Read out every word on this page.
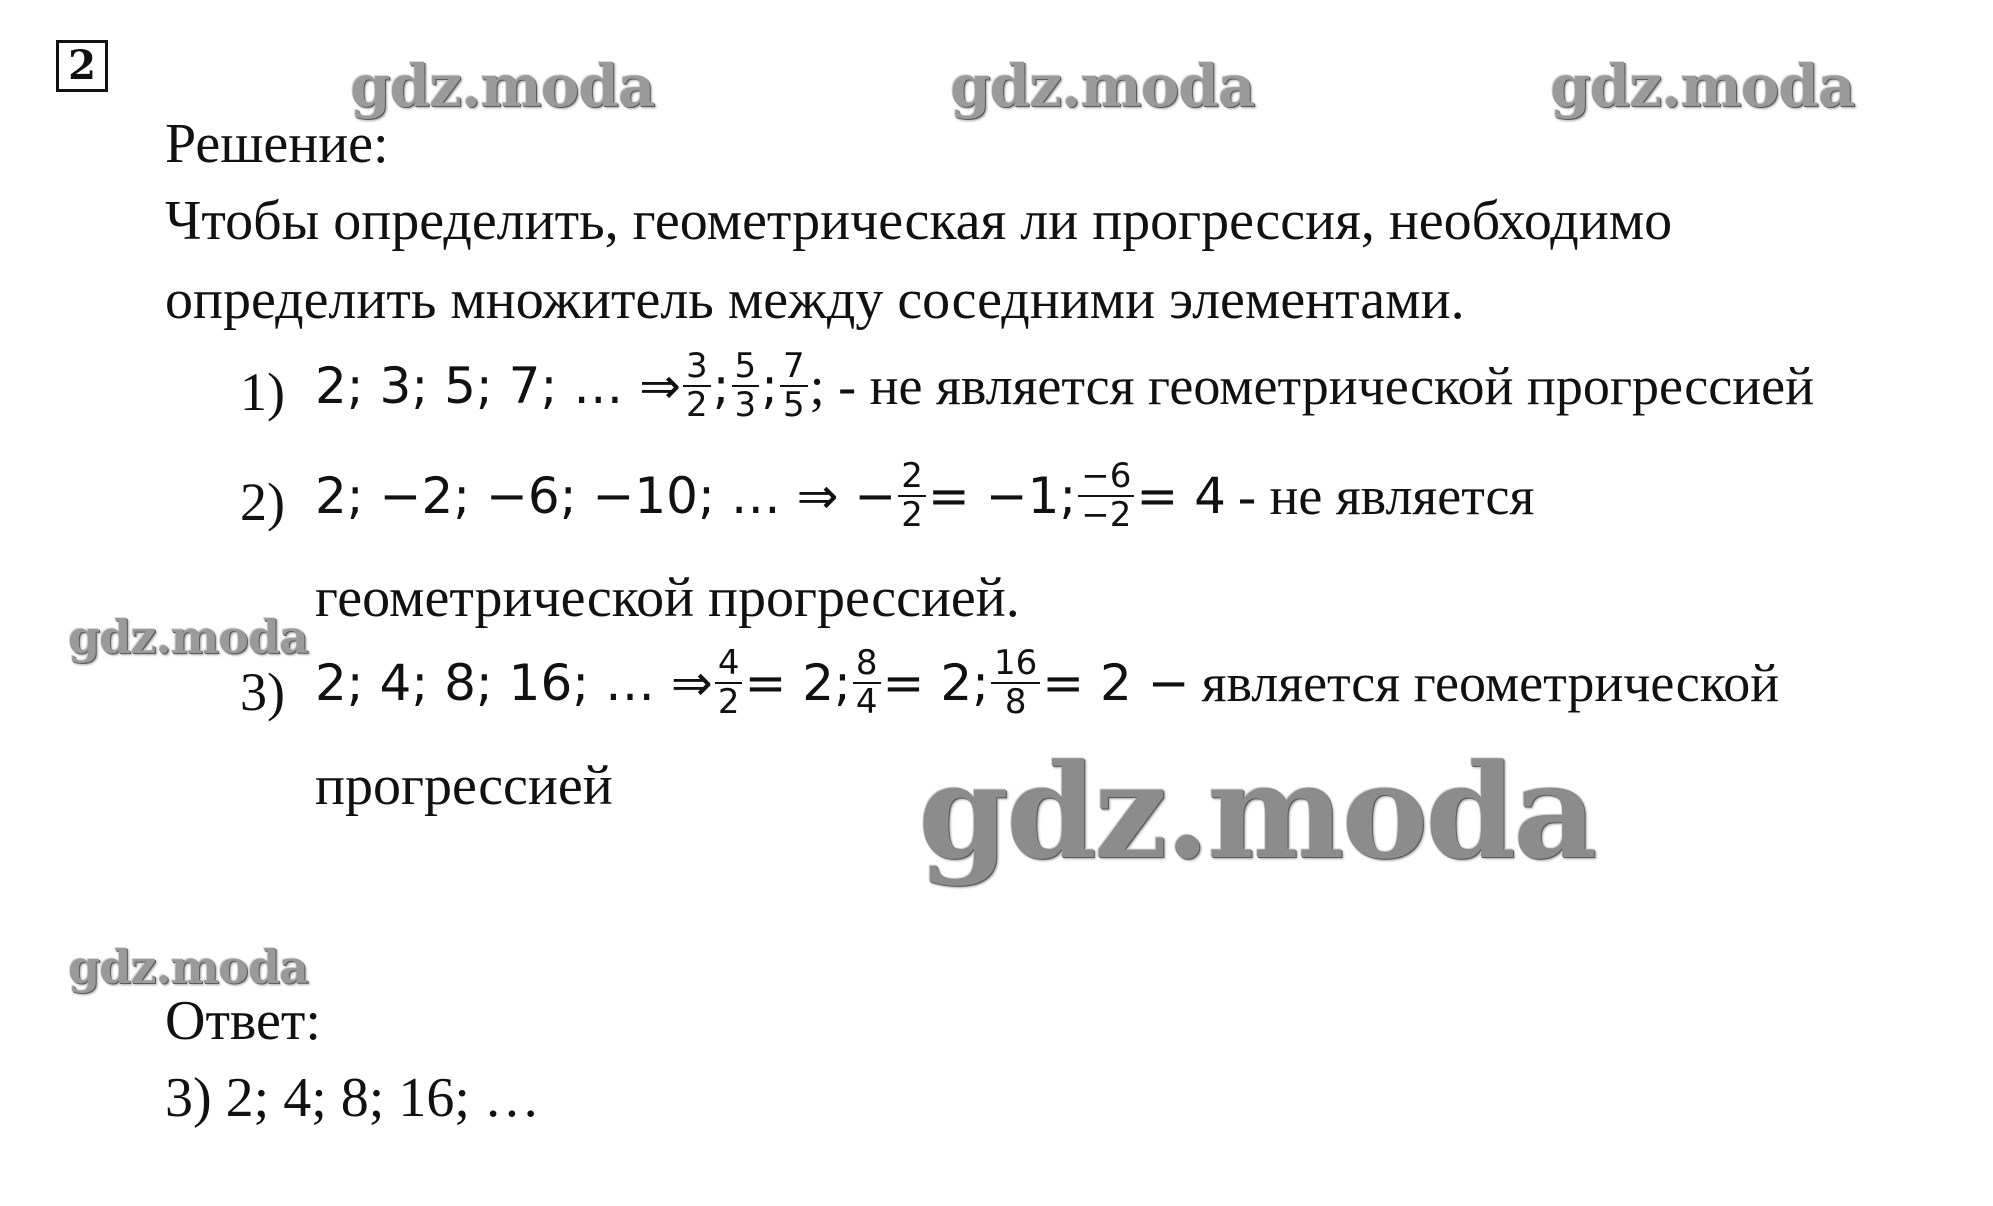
2	gdz.moda	gdz.moda	gdz.moda
gdz.moda
gdz.moda
gdz.moda
Решение:
Чтобы определить, геометрическая ли прогрессия, необходимо
определить множитель между соседними элементами.
1) 2; 3; 5; 7; … ⇒ $\frac{3}{2}$ ; $\frac{5}{3}$ ; $\frac{7}{5}$ ; - не является геометрической прогрессией
2) 2; −2; −6; −10; … ⇒ − $\frac{2}{2} = -1$; $\frac{-6}{-2} = 4$ - не является
геометрической прогрессией.
3) 2; 4; 8; 16; … ⇒ $\frac{4}{2} = 2$; $\frac{8}{4} = 2$; $\frac{16}{8} = 2$ − является геометрической
прогрессией
Ответ:
3) 2; 4; 8; 16; …
